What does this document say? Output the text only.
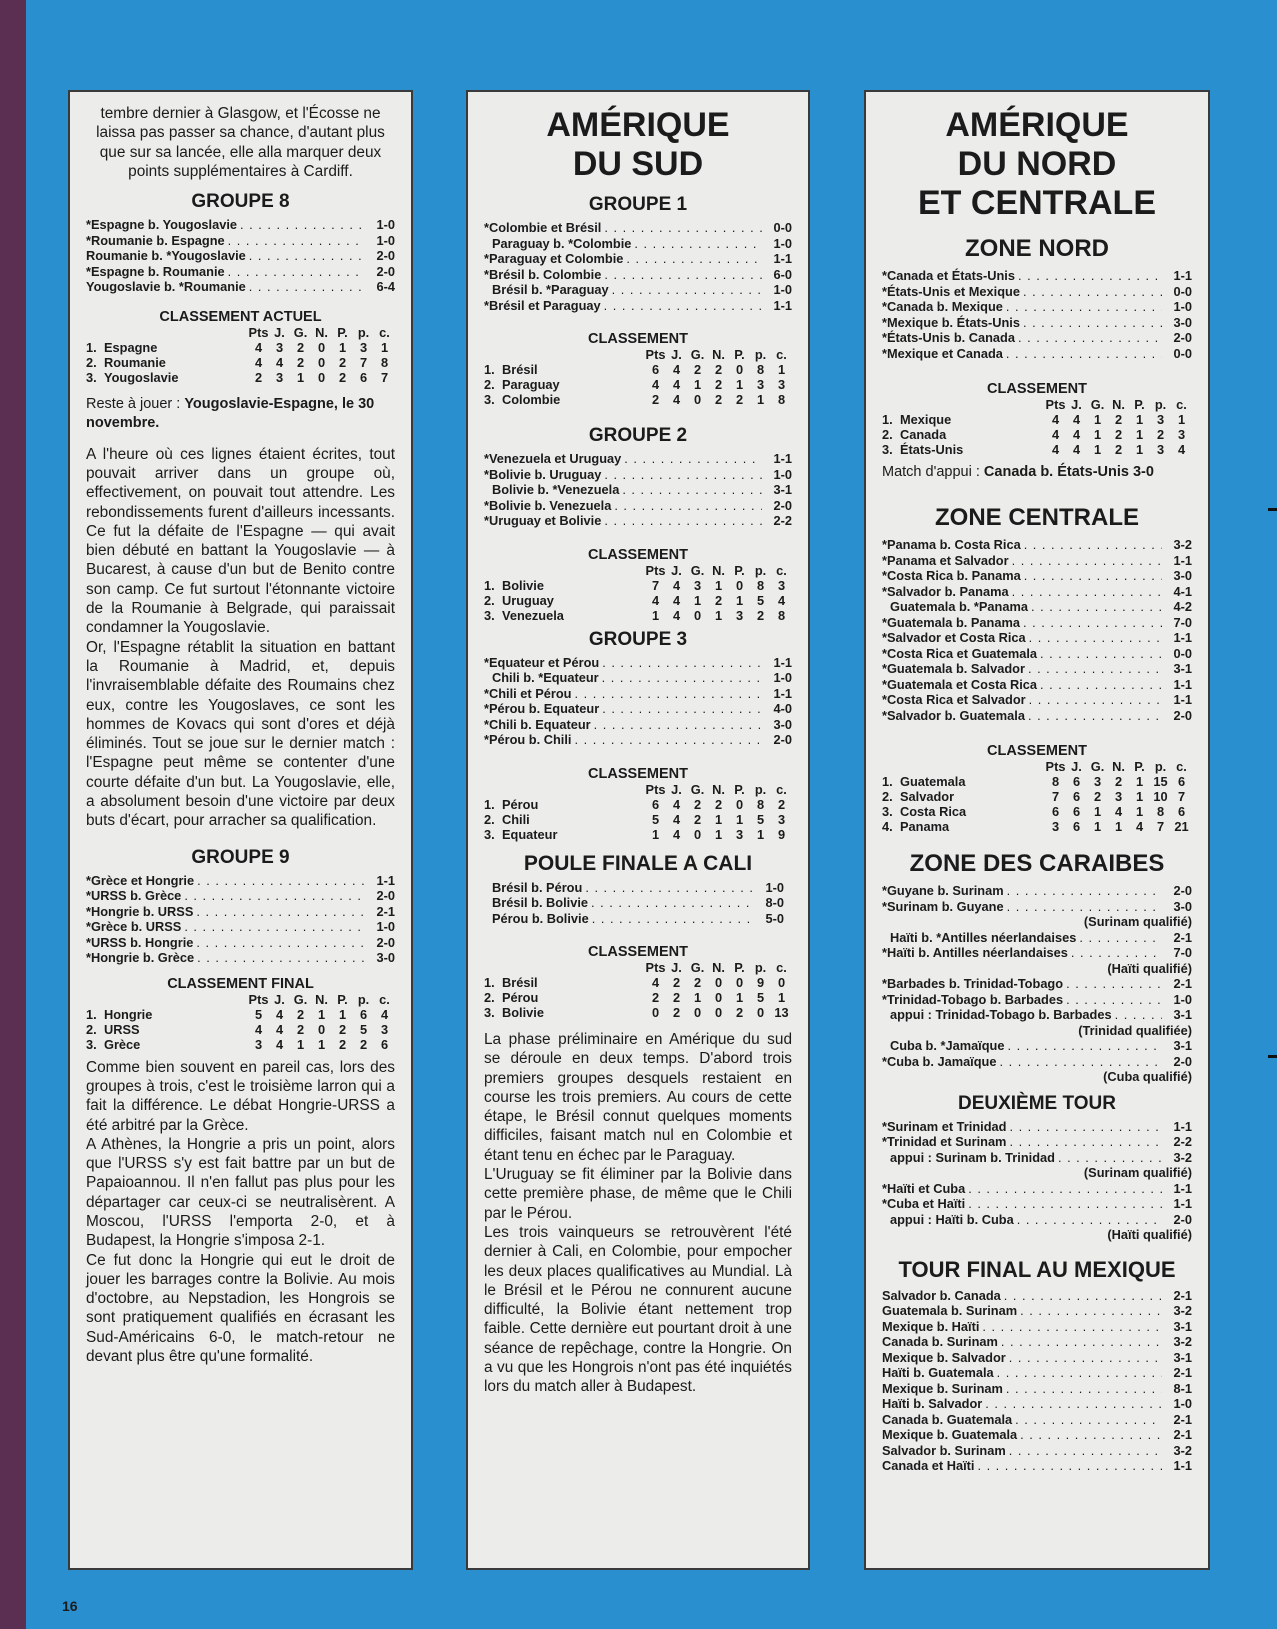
tembre dernier à Glasgow, et l'Écosse ne laissa pas passer sa chance, d'autant plus que sur sa lancée, elle alla marquer deux points supplémentaires à Cardiff.

GROUPE 8
*Espagne b. Yougoslavie . . .	1-0
*Roumanie b. Espagne . . .	1-0
Roumanie b. *Yougoslavie . . .	2-0
*Espagne b. Roumanie . . .	2-0
Yougoslavie b. *Roumanie . . .	6-4
CLASSEMENT ACTUEL
	Pts	J.	G.	N.	P.	p.	c.
1. Espagne	4	3	2	0	1	3	1
2. Roumanie	4	4	2	0	2	7	8
3. Yougoslavie	2	3	1	0	2	6	7
Reste à jouer : Yougoslavie-Espagne, le 30 novembre.

A l'heure où ces lignes étaient écrites, tout pouvait arriver dans un groupe où, effectivement, on pouvait tout attendre. Les rebondissements furent d'ailleurs incessants. Ce fut la défaite de l'Espagne — qui avait bien débuté en battant la Yougoslavie — à Bucarest, à cause d'un but de Benito contre son camp. Ce fut surtout l'étonnante victoire de la Roumanie à Belgrade, qui paraissait condamner la Yougoslavie.

Or, l'Espagne rétablit la situation en battant la Roumanie à Madrid, et, depuis l'invraisemblable défaite des Roumains chez eux, contre les Yougoslaves, ce sont les hommes de Kovacs qui sont d'ores et déjà éliminés. Tout se joue sur le dernier match : l'Espagne peut même se contenter d'une courte défaite d'un but. La Yougoslavie, elle, a absolument besoin d'une victoire par deux buts d'écart, pour arracher sa qualification.

GROUPE 9
*Grèce et Hongrie . . .	1-1
*URSS b. Grèce . . .	2-0
*Hongrie b. URSS . . .	2-1
*Grèce b. URSS . . .	1-0
*URSS b. Hongrie . . .	2-0
*Hongrie b. Grèce . . .	3-0
CLASSEMENT FINAL
	Pts	J.	G.	N.	P.	p.	c.
1. Hongrie	5	4	2	1	1	6	4
2. URSS	4	4	2	0	2	5	3
3. Grèce	3	4	1	1	2	2	6

Comme bien souvent en pareil cas, lors des groupes à trois, c'est le troisième larron qui a fait la différence. Le débat Hongrie-URSS a été arbitré par la Grèce.

A Athènes, la Hongrie a pris un point, alors que l'URSS s'y est fait battre par un but de Papaioannou. Il n'en fallut pas plus pour les départager car ceux-ci se neutralisèrent. A Moscou, l'URSS l'emporta 2-0, et à Budapest, la Hongrie s'imposa 2-1.

Ce fut donc la Hongrie qui eut le droit de jouer les barrages contre la Bolivie. Au mois d'octobre, au Nepstadion, les Hongrois se sont pratiquement qualifiés en écrasant les Sud-Américains 6-0, le match-retour ne devant plus être qu'une formalité.

AMÉRIQUE
DU SUD
GROUPE 1
*Colombie et Brésil . . .	0-0
Paraguay b. *Colombie . . .	1-0
*Paraguay et Colombie . . .	1-1
*Brésil b. Colombie . . .	6-0
Brésil b. *Paraguay . . .	1-0
*Brésil et Paraguay . . .	1-1
CLASSEMENT
	Pts	J.	G.	N.	P.	p.	c.
1. Brésil	6	4	2	2	0	8	1
2. Paraguay	4	4	1	2	1	3	3
3. Colombie	2	4	0	2	2	1	8
GROUPE 2
*Venezuela et Uruguay . . .	1-1
*Bolivie b. Uruguay . . .	1-0
Bolivie b. *Venezuela . . .	3-1
*Bolivie b. Venezuela . . .	2-0
*Uruguay et Bolivie . . .	2-2
CLASSEMENT
	Pts	J.	G.	N.	P.	p.	c.
1. Bolivie	7	4	3	1	0	8	3
2. Uruguay	4	4	1	2	1	5	4
3. Venezuela	1	4	0	1	3	2	8
GROUPE 3
*Equateur et Pérou . . .	1-1
Chili b. *Equateur . . .	1-0
*Chili et Pérou . . .	1-1
*Pérou b. Equateur . . .	4-0
*Chili b. Equateur . . .	3-0
*Pérou b. Chili . . .	2-0
CLASSEMENT
	Pts	J.	G.	N.	P.	p.	c.
1. Pérou	6	4	2	2	0	8	2
2. Chili	5	4	2	1	1	5	3
3. Equateur	1	4	0	1	3	1	9
POULE FINALE A CALI
Brésil b. Pérou . . .	1-0
Brésil b. Bolivie . . .	8-0
Pérou b. Bolivie . . .	5-0
CLASSEMENT
	Pts	J.	G.	N.	P.	p.	c.
1. Brésil	4	2	2	0	0	9	0
2. Pérou	2	2	1	0	1	5	1
3. Bolivie	0	2	0	0	2	0	13

La phase préliminaire en Amérique du sud se déroule en deux temps. D'abord trois premiers groupes desquels restaient en course les trois premiers. Au cours de cette étape, le Brésil connut quelques moments difficiles, faisant match nul en Colombie et étant tenu en échec par le Paraguay.

L'Uruguay se fit éliminer par la Bolivie dans cette première phase, de même que le Chili par le Pérou.

Les trois vainqueurs se retrouvèrent l'été dernier à Cali, en Colombie, pour empocher les deux places qualificatives au Mundial. Là le Brésil et le Pérou ne connurent aucune difficulté, la Bolivie étant nettement trop faible. Cette dernière eut pourtant droit à une séance de repêchage, contre la Hongrie. On a vu que les Hongrois n'ont pas été inquiétés lors du match aller à Budapest.

AMÉRIQUE
DU NORD
ET CENTRALE
ZONE NORD
*Canada et États-Unis . . .	1-1
*États-Unis et Mexique . . .	0-0
*Canada b. Mexique . . .	1-0
*Mexique b. États-Unis . . .	3-0
*États-Unis b. Canada . . .	2-0
*Mexique et Canada . . .	0-0
CLASSEMENT
	Pts	J.	G.	N.	P.	p.	c.
1. Mexique	4	4	1	2	1	3	1
2. Canada	4	4	1	2	1	2	3
3. États-Unis	4	4	1	2	1	3	4
Match d'appui : Canada b. États-Unis 3-0
ZONE CENTRALE
*Panama b. Costa Rica . . .	3-2
*Panama et Salvador . . .	1-1
*Costa Rica b. Panama . . .	3-0
*Salvador b. Panama . . .	4-1
Guatemala b. *Panama . . .	4-2
*Guatemala b. Panama . . .	7-0
*Salvador et Costa Rica . . .	1-1
*Costa Rica et Guatemala . . .	0-0
*Guatemala b. Salvador . . .	3-1
*Guatemala et Costa Rica . . .	1-1
*Costa Rica et Salvador . . .	1-1
*Salvador b. Guatemala . . .	2-0
CLASSEMENT
	Pts	J.	G.	N.	P.	p.	c.
1. Guatemala	8	6	3	2	1	15	6
2. Salvador	7	6	2	3	1	10	7
3. Costa Rica	6	6	1	4	1	8	6
4. Panama	3	6	1	1	4	7	21
ZONE DES CARAIBES
*Guyane b. Surinam . . .	2-0
*Surinam b. Guyane . . .	3-0
(Surinam qualifié)
Haïti b. *Antilles néerlandaises . . .	2-1
*Haïti b. Antilles néerlandaises . . .	7-0
(Haïti qualifié)
*Barbades b. Trinidad-Tobago . . .	2-1
*Trinidad-Tobago b. Barbades . . .	1-0
appui : Trinidad-Tobago b. Barbades . . .	3-1
(Trinidad qualifiée)
Cuba b. *Jamaïque . . .	3-1
*Cuba b. Jamaïque . . .	2-0
(Cuba qualifié)
DEUXIÈME TOUR
*Surinam et Trinidad . . .	1-1
*Trinidad et Surinam . . .	2-2
appui : Surinam b. Trinidad . . .	3-2
(Surinam qualifié)
*Haïti et Cuba . . .	1-1
*Cuba et Haïti . . .	1-1
appui : Haïti b. Cuba . . .	2-0
(Haïti qualifié)
TOUR FINAL AU MEXIQUE
Salvador b. Canada . . .	2-1
Guatemala b. Surinam . . .	3-2
Mexique b. Haïti . . .	3-1
Canada b. Surinam . . .	3-2
Mexique b. Salvador . . .	3-1
Haïti b. Guatemala . . .	2-1
Mexique b. Surinam . . .	8-1
Haïti b. Salvador . . .	1-0
Canada b. Guatemala . . .	2-1
Mexique b. Guatemala . . .	2-1
Salvador b. Surinam . . .	3-2
Canada et Haïti . . .	1-1
16
